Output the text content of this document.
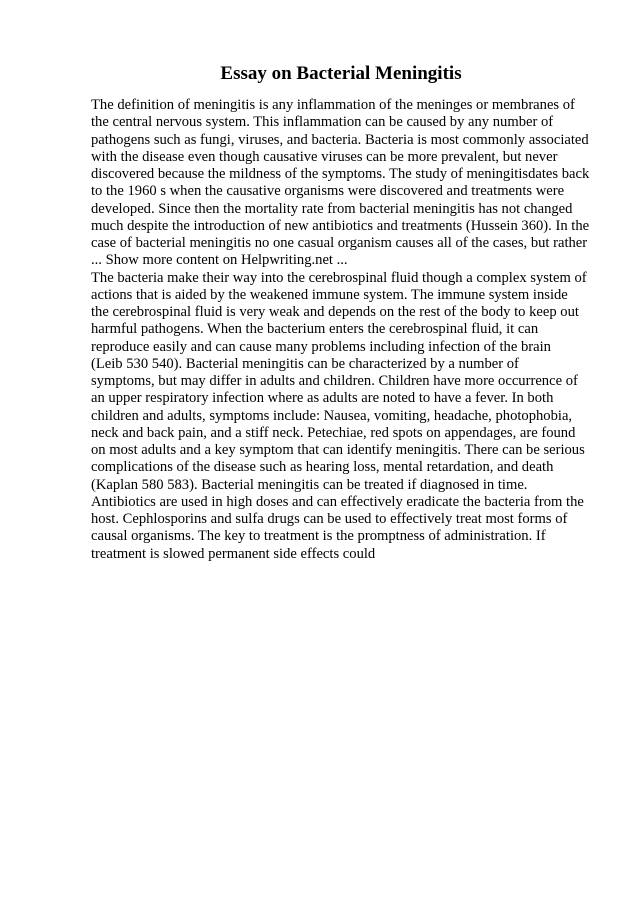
Essay on Bacterial Meningitis
The definition of meningitis is any inflammation of the meninges or membranes of
the central nervous system. This inflammation can be caused by any number of
pathogens such as fungi, viruses, and bacteria. Bacteria is most commonly associated
with the disease even though causative viruses can be more prevalent, but never
discovered because the mildness of the symptoms. The study of meningitisdates back
to the 1960 s when the causative organisms were discovered and treatments were
developed. Since then the mortality rate from bacterial meningitis has not changed
much despite the introduction of new antibiotics and treatments (Hussein 360). In the
case of bacterial meningitis no one casual organism causes all of the cases, but rather
... Show more content on Helpwriting.net ...
The bacteria make their way into the cerebrospinal fluid though a complex system of
actions that is aided by the weakened immune system. The immune system inside
the cerebrospinal fluid is very weak and depends on the rest of the body to keep out
harmful pathogens. When the bacterium enters the cerebrospinal fluid, it can
reproduce easily and can cause many problems including infection of the brain
(Leib 530 540). Bacterial meningitis can be characterized by a number of
symptoms, but may differ in adults and children. Children have more occurrence of
an upper respiratory infection where as adults are noted to have a fever. In both
children and adults, symptoms include: Nausea, vomiting, headache, photophobia,
neck and back pain, and a stiff neck. Petechiae, red spots on appendages, are found
on most adults and a key symptom that can identify meningitis. There can be serious
complications of the disease such as hearing loss, mental retardation, and death
(Kaplan 580 583). Bacterial meningitis can be treated if diagnosed in time.
Antibiotics are used in high doses and can effectively eradicate the bacteria from the
host. Cephlosporins and sulfa drugs can be used to effectively treat most forms of
causal organisms. The key to treatment is the promptness of administration. If
treatment is slowed permanent side effects could
